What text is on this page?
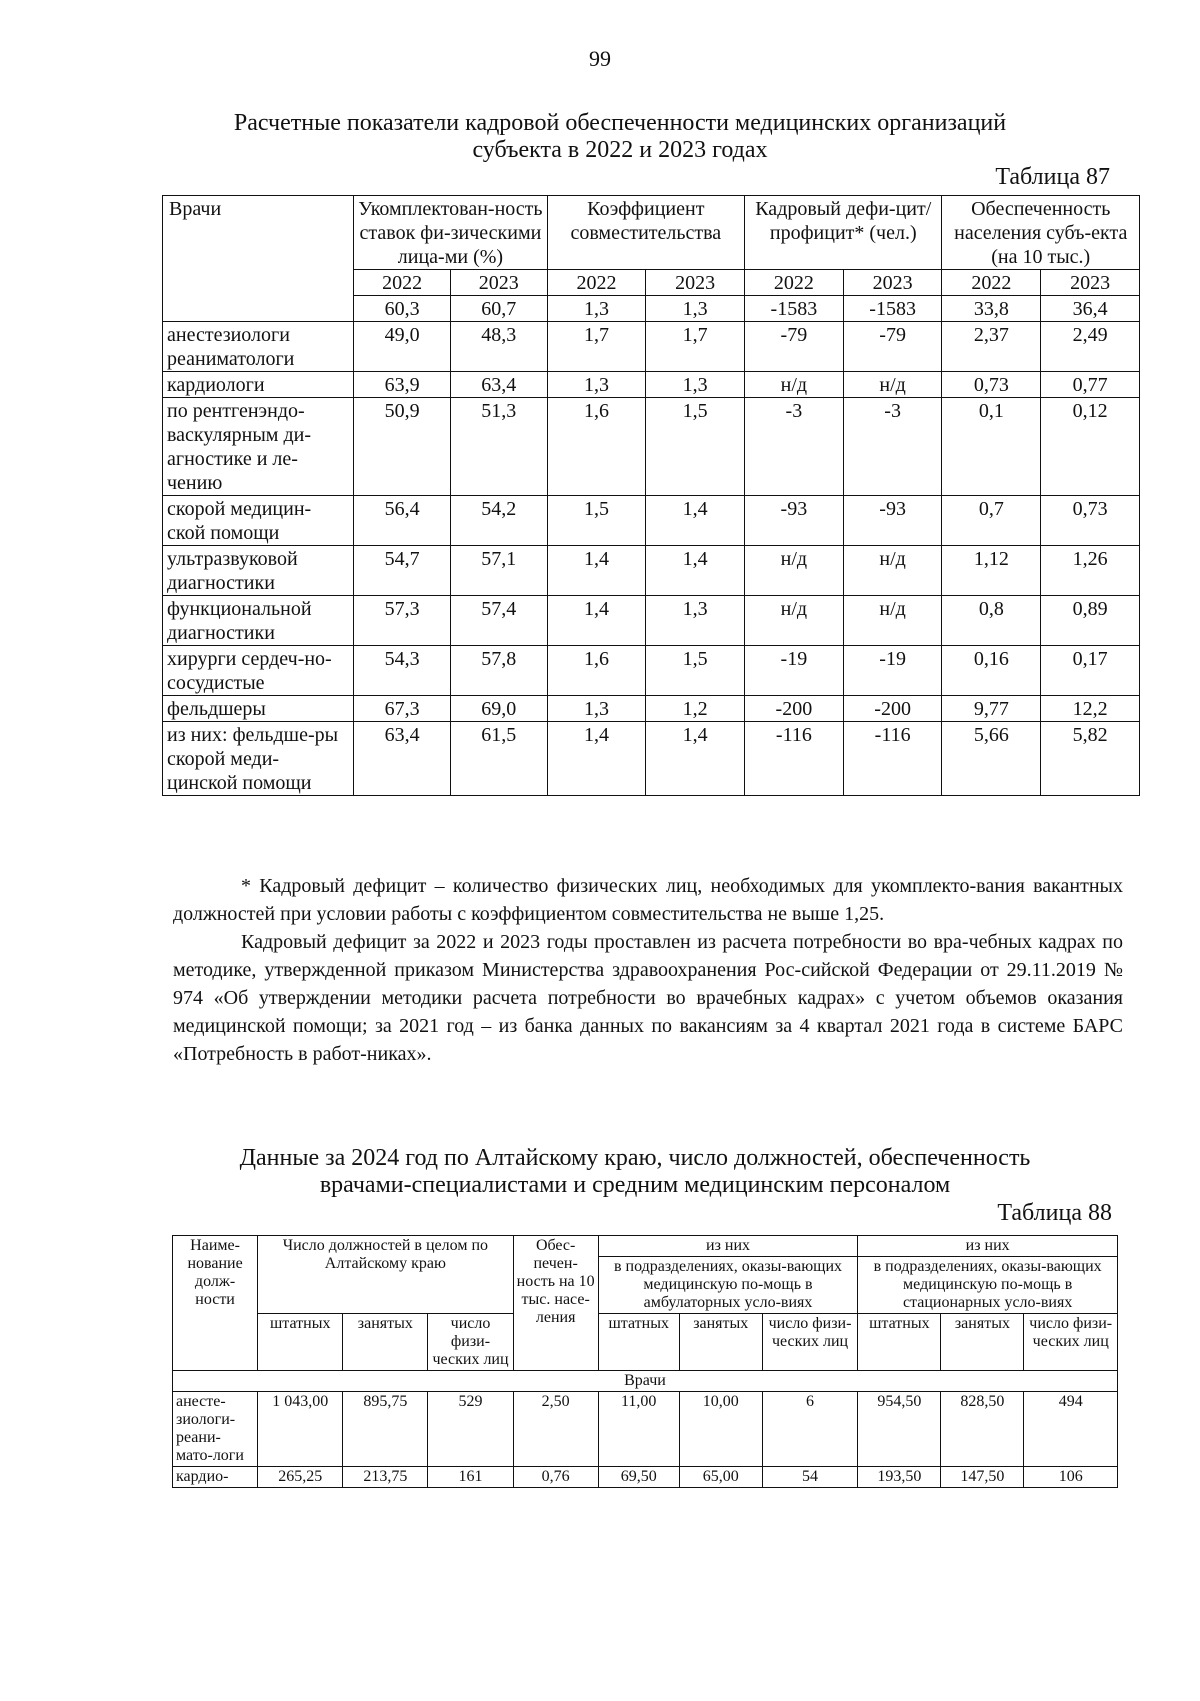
99
Расчетные показатели кадровой обеспеченности медицинских организаций
субъекта в 2022 и 2023 годах
Таблица 87
Врачи	Укомплектован-ность ставок фи-зическими лица-ми (%)		Коэффициент совместительства		Кадровый дефи-цит/профицит* (чел.)		Обеспеченность населения субъ-екта (на 10 тыс.)	
	2022	2023	2022	2023	2022	2023	2022	2023
	60,3	60,7	1,3	1,3	-1583	-1583	33,8	36,4
анестезиологи реаниматологи	49,0	48,3	1,7	1,7	-79	-79	2,37	2,49
кардиологи	63,9	63,4	1,3	1,3	н/д	н/д	0,73	0,77
по рентгенэндо-васкулярным ди-агностике и ле-чению	50,9	51,3	1,6	1,5	-3	-3	0,1	0,12
скорой медицин-ской помощи	56,4	54,2	1,5	1,4	-93	-93	0,7	0,73
ультразвуковой диагностики	54,7	57,1	1,4	1,4	н/д	н/д	1,12	1,26
функциональной диагностики	57,3	57,4	1,4	1,3	н/д	н/д	0,8	0,89
хирурги сердеч-но-сосудистые	54,3	57,8	1,6	1,5	-19	-19	0,16	0,17
фельдшеры	67,3	69,0	1,3	1,2	-200	-200	9,77	12,2
из них: фельдше-ры скорой меди-цинской помощи	63,4	61,5	1,4	1,4	-116	-116	5,66	5,82

* Кадровый дефицит – количество физических лиц, необходимых для укомплекто-вания вакантных должностей при условии работы с коэффициентом совместительства не выше 1,25.

Кадровый дефицит за 2022 и 2023 годы проставлен из расчета потребности во вра-чебных кадрах по методике, утвержденной приказом Министерства здравоохранения Рос-сийской Федерации от 29.11.2019 № 974 «Об утверждении методики расчета потребности во врачебных кадрах» с учетом объемов оказания медицинской помощи; за 2021 год – из банка данных по вакансиям за 4 квартал 2021 года в системе БАРС «Потребность в работ-никах».

Данные за 2024 год по Алтайскому краю, число должностей, обеспеченность
врачами-специалистами и средним медицинским персоналом
Таблица 88
Наиме-нование долж-ности	Число должностей в целом по Алтайскому краю			Обес-печен-ность на 10 тыс. насе-ления	из них			из них		
					в подразделениях, оказы-вающих медицинскую по-мощь в амбулаторных усло-виях			в подразделениях, оказы-вающих медицинскую по-мощь в стационарных усло-виях		
	штатных	занятых	число физи-ческих лиц		штатных	занятых	число физи-ческих лиц	штатных	занятых	число физи-ческих лиц
Врачи										
анесте-зиологи-реани-мато-логи	1 043,00	895,75	529	2,50	11,00	10,00	6	954,50	828,50	494
кардио-	265,25	213,75	161	0,76	69,50	65,00	54	193,50	147,50	106
